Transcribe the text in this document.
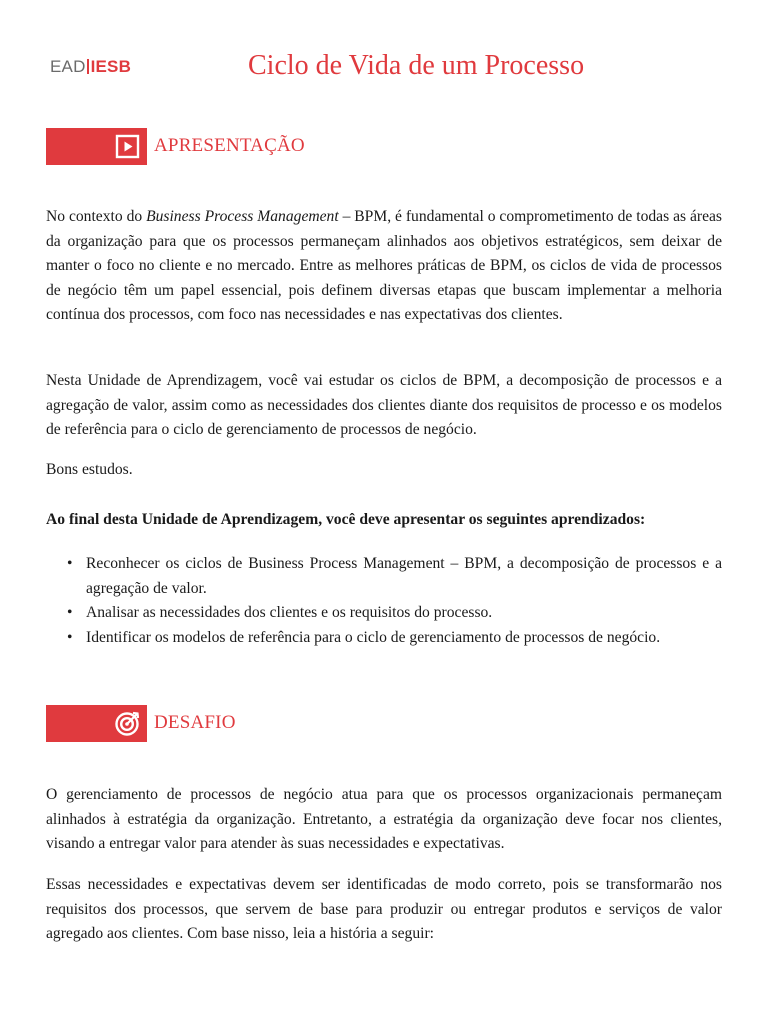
EAD IESB	Ciclo de Vida de um Processo
APRESENTAÇÃO

No contexto do Business Process Management – BPM, é fundamental o comprometimento de todas as áreas da organização para que os processos permaneçam alinhados aos objetivos estratégicos, sem deixar de manter o foco no cliente e no mercado. Entre as melhores práticas de BPM, os ciclos de vida de processos de negócio têm um papel essencial, pois definem diversas etapas que buscam implementar a melhoria contínua dos processos, com foco nas necessidades e nas expectativas dos clientes.

Nesta Unidade de Aprendizagem, você vai estudar os ciclos de BPM, a decomposição de processos e a agregação de valor, assim como as necessidades dos clientes diante dos requisitos de processo e os modelos de referência para o ciclo de gerenciamento de processos de negócio.

Bons estudos.

Ao final desta Unidade de Aprendizagem, você deve apresentar os seguintes aprendizados:

• Reconhecer os ciclos de Business Process Management – BPM, a decomposição de processos e a agregação de valor.
• Analisar as necessidades dos clientes e os requisitos do processo.
• Identificar os modelos de referência para o ciclo de gerenciamento de processos de negócio.
DESAFIO

O gerenciamento de processos de negócio atua para que os processos organizacionais permaneçam alinhados à estratégia da organização. Entretanto, a estratégia da organização deve focar nos clientes, visando a entregar valor para atender às suas necessidades e expectativas.

Essas necessidades e expectativas devem ser identificadas de modo correto, pois se transformarão nos requisitos dos processos, que servem de base para produzir ou entregar produtos e serviços de valor agregado aos clientes. Com base nisso, leia a história a seguir:
